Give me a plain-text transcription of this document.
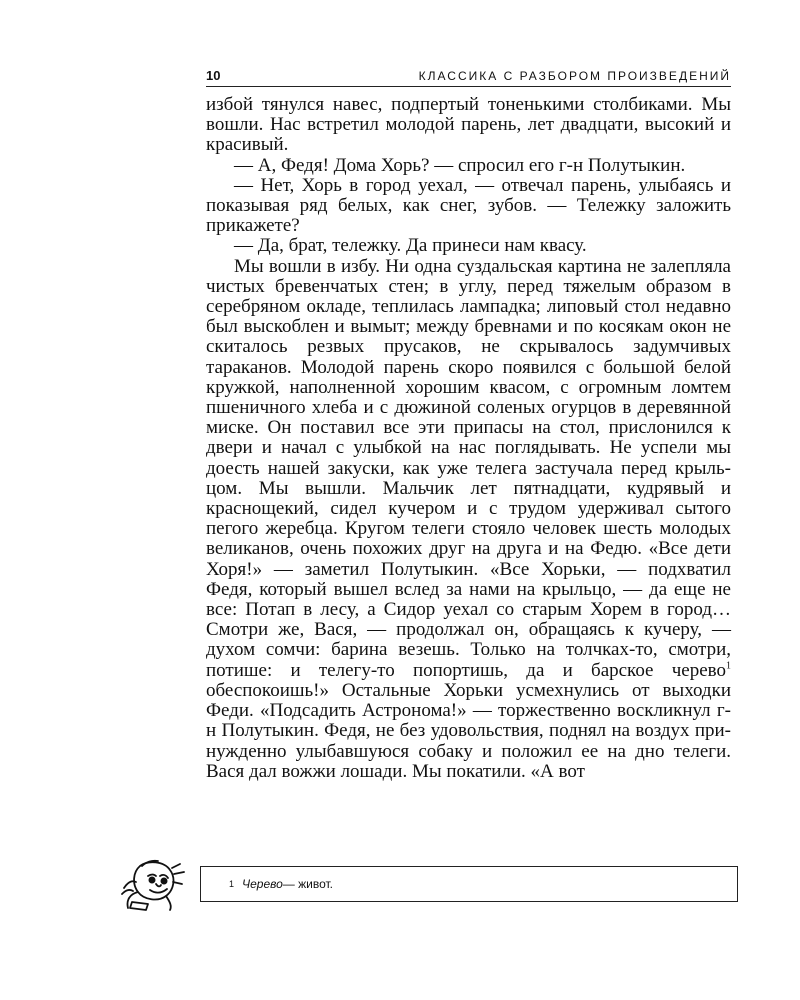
10	КЛАССИКА С РАЗБОРОМ ПРОИЗВЕДЕНИЙ

избой тянулся навес, подпертый тоненькими столбиками. Мы вошли. Нас встретил молодой парень, лет двадцати, высокий и красивый.

— А, Федя! Дома Хорь? — спросил его г-н Полутыкин.

— Нет, Хорь в город уехал, — отвечал парень, улыбаясь и показывая ряд белых, как снег, зубов. — Тележку заложить прикажете?

— Да, брат, тележку. Да принеси нам квасу.

Мы вошли в избу. Ни одна суздальская картина не залепляла чистых бревенчатых стен; в углу, перед тяжелым образом в серебряном окладе, теплилась лампадка; липовый стол недавно был выскоблен и вымыт; между бревнами и по косякам окон не скиталось резвых прусаков, не скрывалось задумчивых тараканов. Молодой парень скоро появился с большой белой кружкой, наполненной хорошим квасом, с огромным ломтем пшеничного хлеба и с дюжиной соленых огурцов в деревянной миске. Он поставил все эти припасы на стол, прислонился к двери и начал с улыбкой на нас поглядывать. Не успели мы доесть нашей закуски, как уже телега застучала перед крыльцом. Мы вышли. Мальчик лет пятнадцати, кудрявый и краснощекий, сидел кучером и с трудом удерживал сытого пегого жеребца. Кругом телеги стояло человек шесть молодых великанов, очень похожих друг на друга и на Федю. «Все дети Хоря!» — заметил Полутыкин. «Все Хорьки, — подхватил Федя, который вышел вслед за нами на крыльцо, — да еще не все: Потап в лесу, а Сидор уехал со старым Хорем в город… Смотри же, Вася, — продолжал он, обращаясь к кучеру, — духом сомчи: барина везешь. Только на толчках-то, смотри, потише: и телегу-то попортишь, да и барское черево$^1$ обеспокоишь!» Остальные Хорьки усмехнулись от выходки Феди. «Подсадить Астронома!» — торжественно воскликнул г-н Полутыкин. Федя, не без удовольствия, поднял на воздух принужденно улыбавшуюся собаку и положил ее на дно телеги. Вася дал вожжи лошади. Мы покатили. «А вот

1 Черево — живот.
